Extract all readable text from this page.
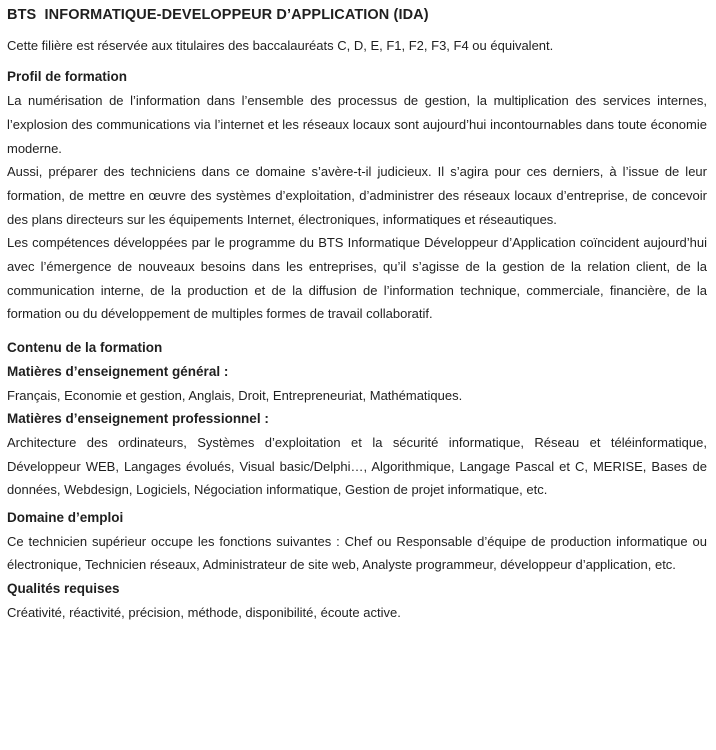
BTS  INFORMATIQUE-DEVELOPPEUR D’APPLICATION (IDA)

Cette filière est réservée aux titulaires des baccalauréats C, D, E, F1, F2, F3, F4 ou équivalent.

Profil de formation

La numérisation de l’information dans l’ensemble des processus de gestion, la multiplication des services internes, l’explosion des communications via l’internet et les réseaux locaux sont aujourd’hui incontournables dans toute économie moderne.

Aussi, préparer des techniciens dans ce domaine s’avère-t-il judicieux. Il s’agira pour ces derniers, à l’issue de leur formation, de mettre en œuvre des systèmes d’exploitation, d’administrer des réseaux locaux d’entreprise, de concevoir des plans directeurs sur les équipements Internet, électroniques, informatiques et réseautiques.

Les compétences développées par le programme du BTS Informatique Développeur d’Application coïncident aujourd’hui avec l’émergence de nouveaux besoins dans les entreprises, qu’il s’agisse de la gestion de la relation client, de la communication interne, de la production et de la diffusion de l’information technique, commerciale, financière, de la formation ou du développement de multiples formes de travail collaboratif.

Contenu de la formation
Matières d’enseignement général :

Français, Economie et gestion, Anglais, Droit, Entrepreneuriat, Mathématiques.

Matières d’enseignement professionnel :

Architecture des ordinateurs, Systèmes d’exploitation et la sécurité informatique, Réseau et téléinformatique, Développeur WEB, Langages évolués, Visual basic/Delphi…, Algorithmique, Langage Pascal et C, MERISE, Bases de données, Webdesign, Logiciels, Négociation informatique, Gestion de projet informatique, etc.

Domaine d’emploi

Ce technicien supérieur occupe les fonctions suivantes : Chef ou Responsable d’équipe de production informatique ou électronique, Technicien réseaux, Administrateur de site web, Analyste programmeur, développeur d’application, etc.

Qualités requises

Créativité, réactivité, précision, méthode, disponibilité, écoute active.
